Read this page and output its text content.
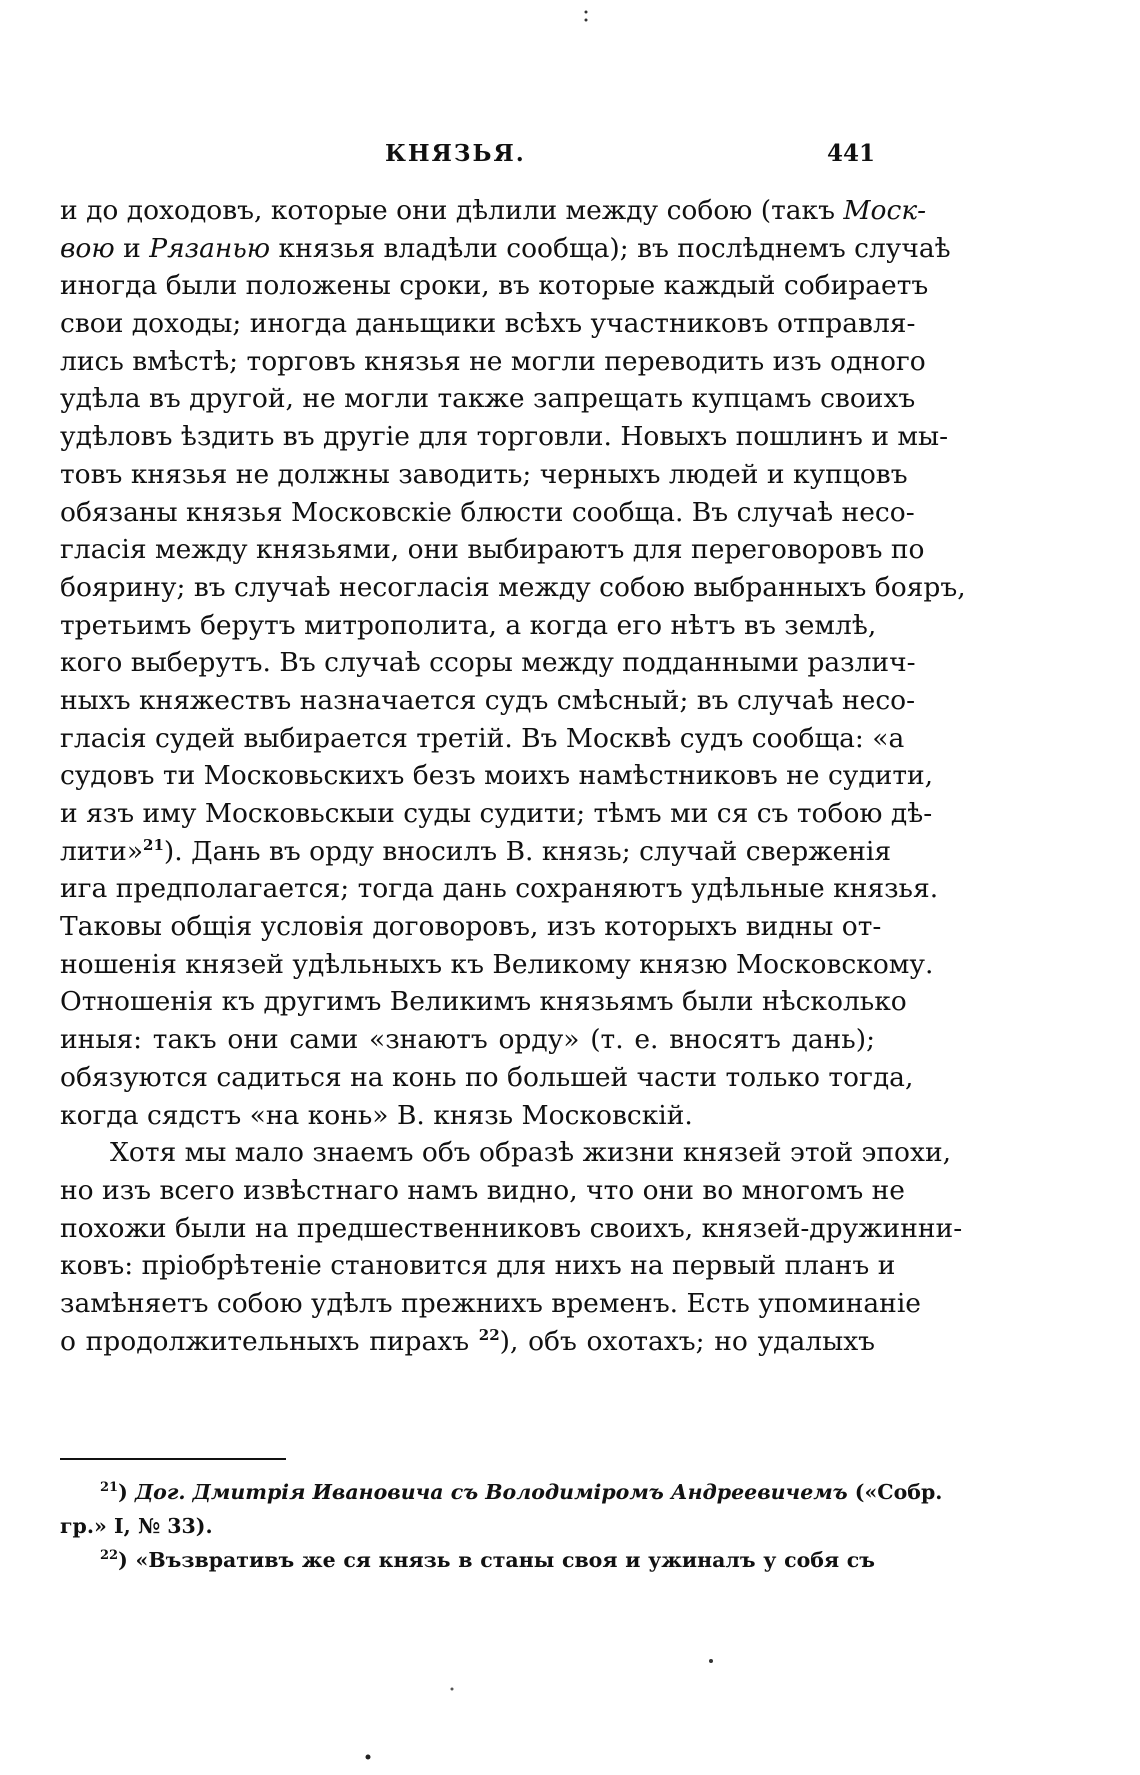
КНЯЗЬЯ.	441
и до доходовъ, которые они дѣлили между собою (такъ Моск-
вою и Рязанью князья владѣли сообща); въ послѣднемъ случаѣ
иногда были положены сроки, въ которые каждый собираетъ
свои доходы; иногда даньщики всѣхъ участниковъ отправля-
лись вмѣстѣ; торговъ князья не могли переводить изъ одного
удѣла въ другой, не могли также запрещать купцамъ своихъ
удѣловъ ѣздить въ другіе для торговли. Новыхъ пошлинъ и мы-
товъ князья не должны заводить; черныхъ людей и купцовъ
обязаны князья Московскіе блюсти сообща. Въ случаѣ несо-
гласія между князьями, они выбираютъ для переговоровъ по
боярину; въ случаѣ несогласія между собою выбранныхъ бояръ,
третьимъ берутъ митрополита, а когда его нѣтъ въ землѣ,
кого выберутъ. Въ случаѣ ссоры между подданными различ-
ныхъ княжествъ назначается судъ смѣсный; въ случаѣ несо-
гласія судей выбирается третій. Въ Москвѣ судъ сообща: «а
судовъ ти Московьскихъ безъ моихъ намѣстниковъ не судити,
и язъ иму Московьскыи суды судити; тѣмъ ми ся съ тобою дѣ-
лити»$^{21}$). Дань въ орду вносилъ В. князь; случай сверженія
ига предполагается; тогда дань сохраняютъ удѣльные князья.
Таковы общія условія договоровъ, изъ которыхъ видны от-
ношенія князей удѣльныхъ къ Великому князю Московскому.
Отношенія къ другимъ Великимъ князьямъ были нѣсколько
иныя: такъ они сами «знаютъ орду» (т. е. вносятъ дань);
обязуются садиться на конь по большей части только тогда,
когда сядстъ «на конь» В. князь Московскій.
Хотя мы мало знаемъ объ образѣ жизни князей этой эпохи,
но изъ всего извѣстнаго намъ видно, что они во многомъ не
похожи были на предшественниковъ своихъ, князей-дружинни-
ковъ: пріобрѣтеніе становится для нихъ на первый планъ и
замѣняетъ собою удѣлъ прежнихъ временъ. Есть упоминаніе
о продолжительныхъ пирахъ $^{22}$), объ охотахъ; но удалыхъ
$^{21}$) Дог. Дмитрія Ивановича съ Володиміромъ Андреевичемъ («Собр.
гр.» I, № 33).
$^{22}$) «Възвративъ же ся князь в станы своя и ужиналъ у собя съ
